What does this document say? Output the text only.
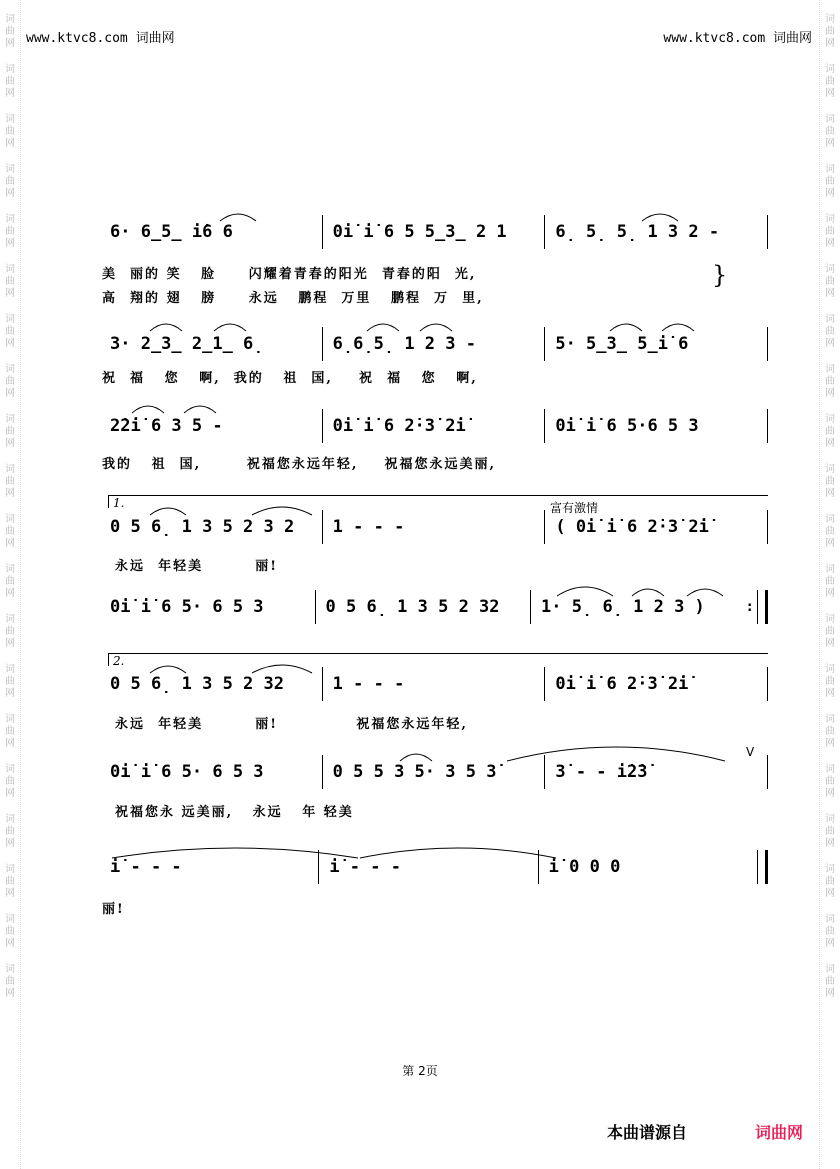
词
曲
网
词
曲
网
词
曲
网
词
曲
网
词
曲
网
词
曲
网
词
曲
网
词
曲
网
词
曲
网
词
曲
网
词
曲
网
词
曲
网
词
曲
网
词
曲
网
词
曲
网
词
曲
网
词
曲
网
词
曲
网
词
曲
网
词
曲
网
词
曲
网
词
曲
网
词
曲
网
词
曲
网
词
曲
网
词
曲
网
词
曲
网
词
曲
网
词
曲
网
词
曲
网
词
曲
网
词
曲
网
词
曲
网
词
曲
网
词
曲
网
词
曲
网
词
曲
网
词
曲
网
词
曲
网
词
曲
网
www.ktvc8.com 词曲网	www.ktvc8.com 词曲网
6· 6̲5̲ i̇6 6	0i̇ i̇ 6 5 5̲3̲ 2 1	6̣ 5̣ 5̣ 1 3 2 -
美  丽的 笑   脸     闪耀着青春的阳光  青春的阳  光,
高  翔的 翅   膀     永远   鹏程  万里   鹏程  万  里,
}
3· 2̲3̲ 2̲1̲ 6̣	6̣6̣5̣ 1 2 3 -	5· 5̲3̲ 5̲i̇ 6
祝  福   您   啊,  我的   祖  国,    祝  福   您   啊,
2̇2̇i̇ 6 3 5 -	0i̇ i̇ 6 2̇·3̇ 2̇i̇	0i̇ i̇ 6 5·6 5 3
我的   祖  国,       祝福您永远年轻,    祝福您永远美丽,
1.	富有激情
0 5 6̣ 1 3 5 2 3 2	1 - - -	( 0i̇ i̇ 6 2̇·3̇ 2̇i̇
永远  年轻美        丽!
0i̇ i̇ 6 5· 6 5 3	0 5 6̣ 1 3 5 2 32	1· 5̣ 6̣ 1 2 3 )	:

2.
0 5 6̣ 1 3 5 2 32	1 - - -	0i̇ i̇ 6 2̇·3̇ 2̇i̇
永远  年轻美        丽!            祝福您永远年轻,
0i̇ i̇ 6 5· 6 5 3	0 5 5 3 5· 3 5 3̇	3̇ - - i̇2̇3̇
祝福您永 远美丽,   永远   年 轻美
V
i̇ - - -	i̇ - - -	i̇ 0 0 0
丽!
第 2页
本曲谱源自	词曲网
